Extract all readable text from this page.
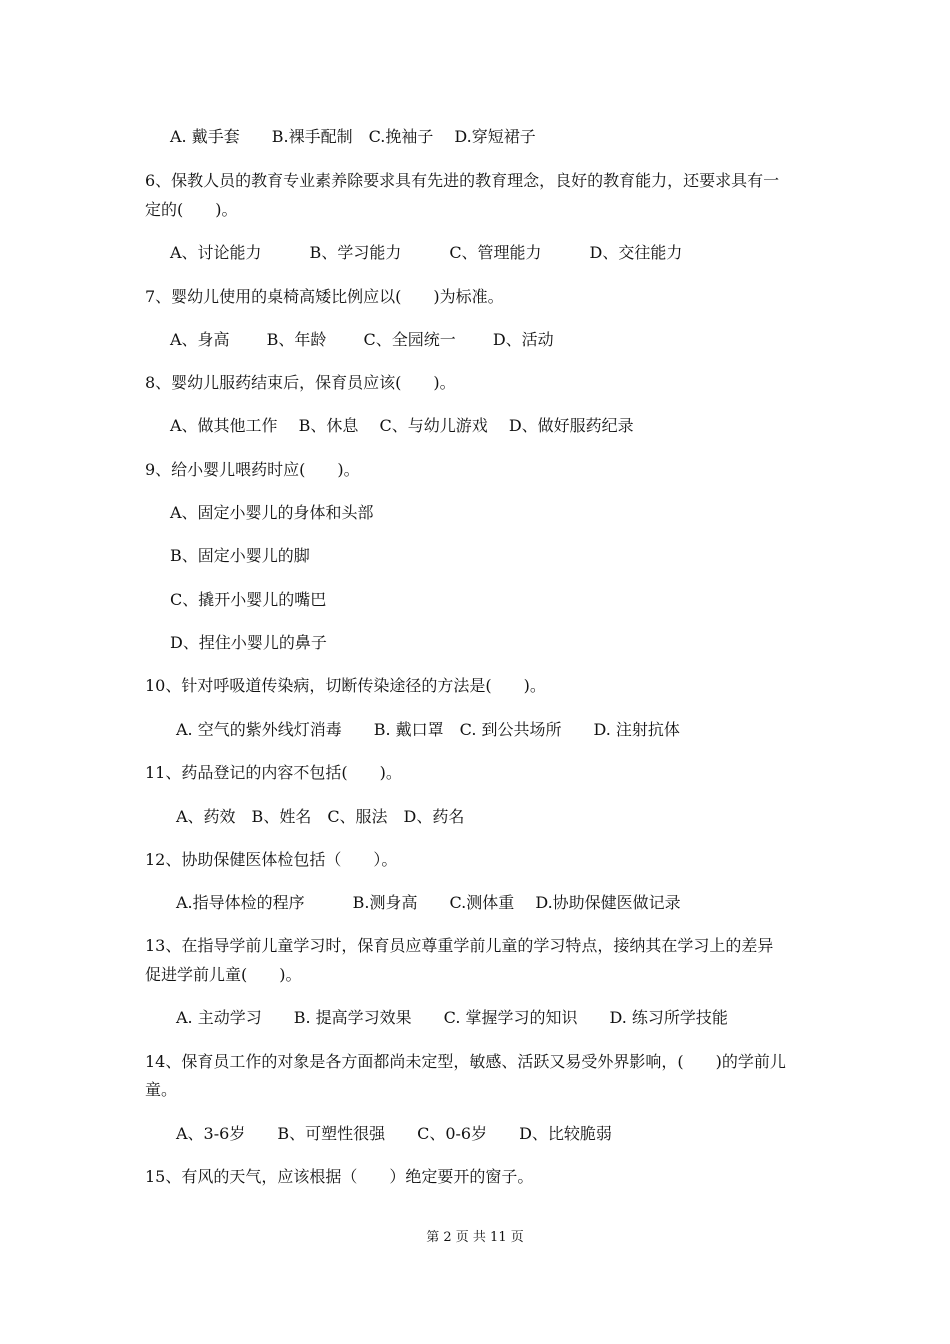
A. 戴手套　　B.裸手配制　C.挽袖子　 D.穿短裙子
6、保教人员的教育专业素养除要求具有先进的教育理念，良好的教育能力，还要求具有一
定的(　　)。
A、讨论能力　　　B、学习能力　　　C、管理能力　　　D、交往能力
7、婴幼儿使用的桌椅高矮比例应以(　　)为标准。
A、身高　　 B、年龄　　 C、全园统一　　 D、活动
8、婴幼儿服药结束后，保育员应该(　　)。
A、做其他工作　 B、休息　 C、与幼儿游戏　 D、做好服药纪录
9、给小婴儿喂药时应(　　)。
A、固定小婴儿的身体和头部
B、固定小婴儿的脚
C、撬开小婴儿的嘴巴
D、捏住小婴儿的鼻子
10、针对呼吸道传染病，切断传染途径的方法是(　　)。
A. 空气的紫外线灯消毒　　B. 戴口罩　C. 到公共场所　　D. 注射抗体
11、药品登记的内容不包括(　　)。
A、药效　B、姓名　C、服法　D、药名
12、协助保健医体检包括（　　）。
A.指导体检的程序　　　B.测身高　　C.测体重　 D.协助保健医做记录
13、在指导学前儿童学习时，保育员应尊重学前儿童的学习特点，接纳其在学习上的差异
促进学前儿童(　　)。
A. 主动学习　　B. 提高学习效果　　C. 掌握学习的知识　　D. 练习所学技能
14、保育员工作的对象是各方面都尚未定型，敏感、活跃又易受外界影响，(　　)的学前儿
童。
A、3-6岁　　B、可塑性很强　　C、0-6岁　　D、比较脆弱
15、有风的天气，应该根据（　　）绝定要开的窗子。
第 2 页 共 11 页
